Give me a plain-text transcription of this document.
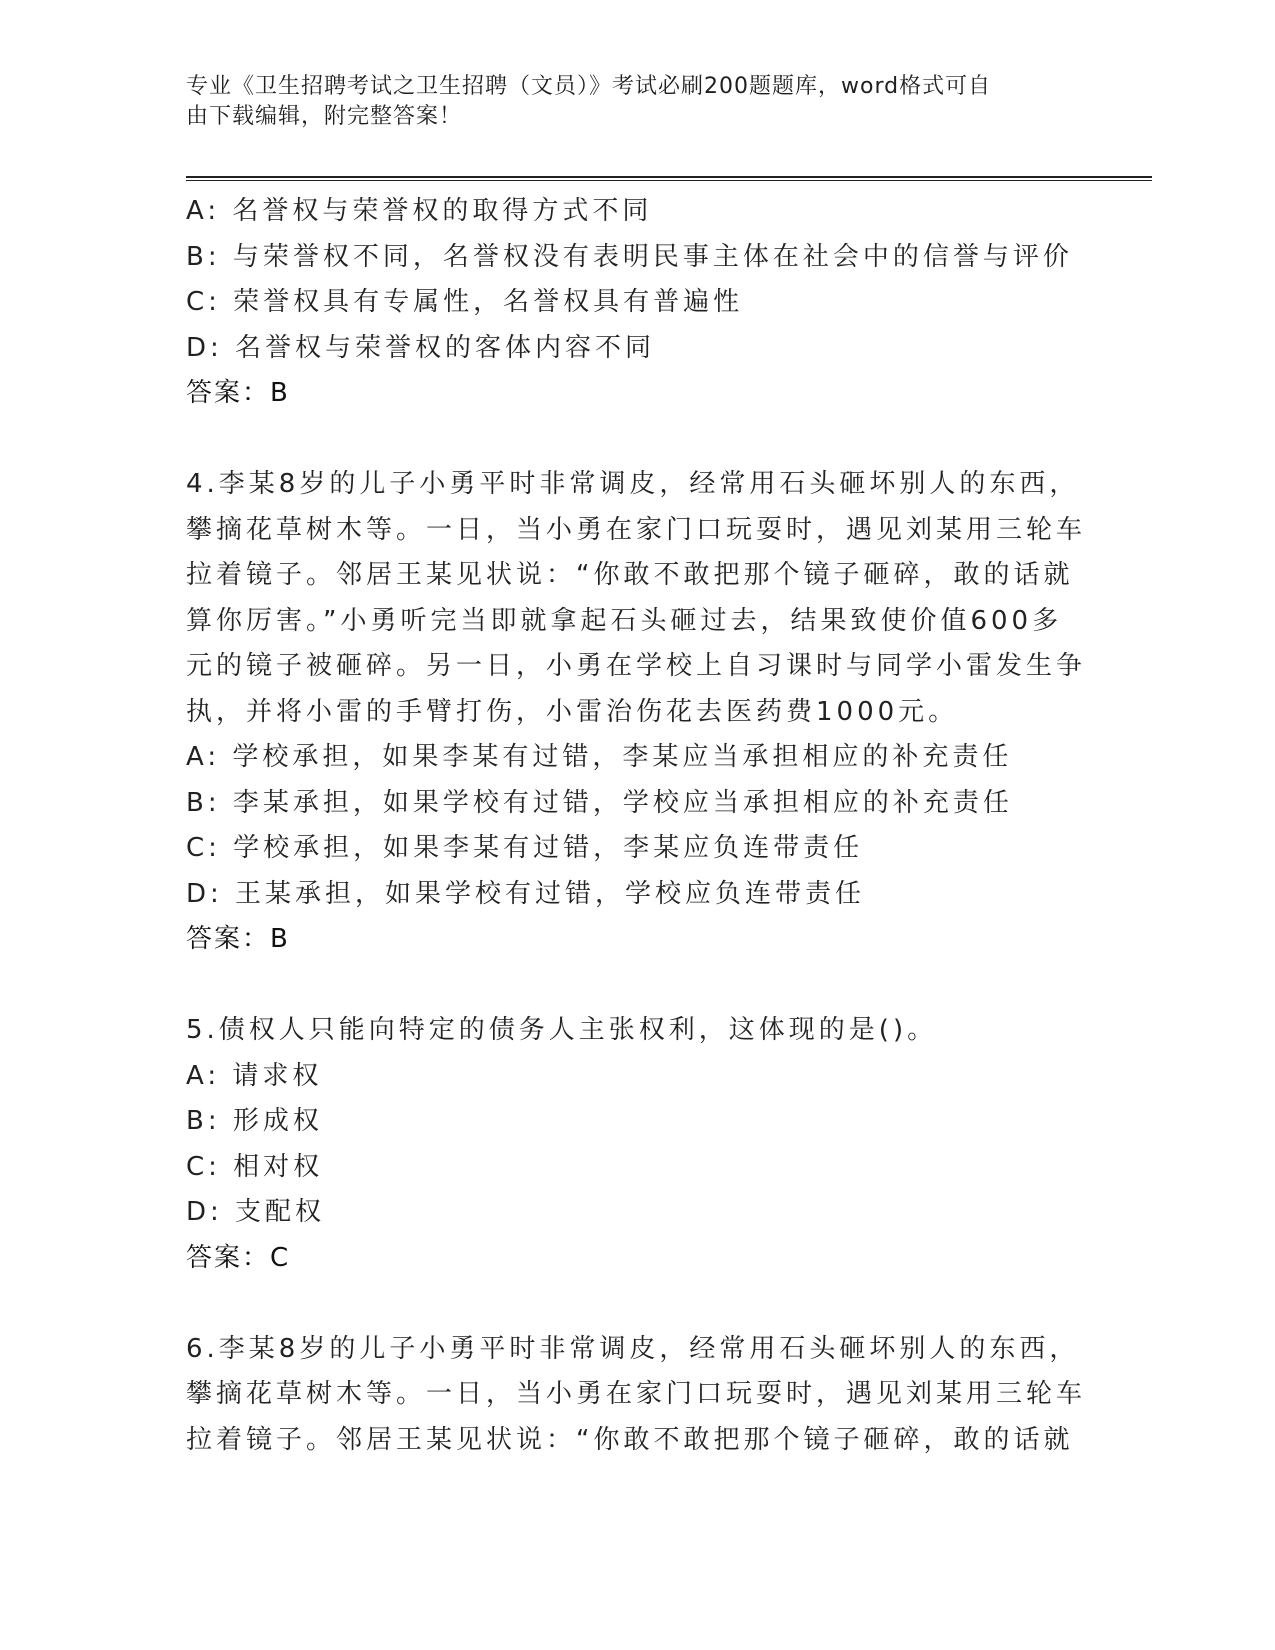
专业《卫生招聘考试之卫生招聘（文员）》考试必刷200题题库，word格式可自
由下载编辑，附完整答案！
A: 名誉权与荣誉权的取得方式不同
B: 与荣誉权不同，名誉权没有表明民事主体在社会中的信誉与评价
C: 荣誉权具有专属性，名誉权具有普遍性
D: 名誉权与荣誉权的客体内容不同
答案：B
4.李某8岁的儿子小勇平时非常调皮，经常用石头砸坏别人的东西，
攀摘花草树木等。一日，当小勇在家门口玩耍时，遇见刘某用三轮车
拉着镜子。邻居王某见状说：“你敢不敢把那个镜子砸碎，敢的话就
算你厉害。”小勇听完当即就拿起石头砸过去，结果致使价值600多
元的镜子被砸碎。另一日，小勇在学校上自习课时与同学小雷发生争
执，并将小雷的手臂打伤，小雷治伤花去医药费1000元。
A: 学校承担，如果李某有过错，李某应当承担相应的补充责任
B: 李某承担，如果学校有过错，学校应当承担相应的补充责任
C: 学校承担，如果李某有过错，李某应负连带责任
D: 王某承担，如果学校有过错，学校应负连带责任
答案：B
5.债权人只能向特定的债务人主张权利，这体现的是()。
A: 请求权
B: 形成权
C: 相对权
D: 支配权
答案：C
6.李某8岁的儿子小勇平时非常调皮，经常用石头砸坏别人的东西，
攀摘花草树木等。一日，当小勇在家门口玩耍时，遇见刘某用三轮车
拉着镜子。邻居王某见状说：“你敢不敢把那个镜子砸碎，敢的话就
